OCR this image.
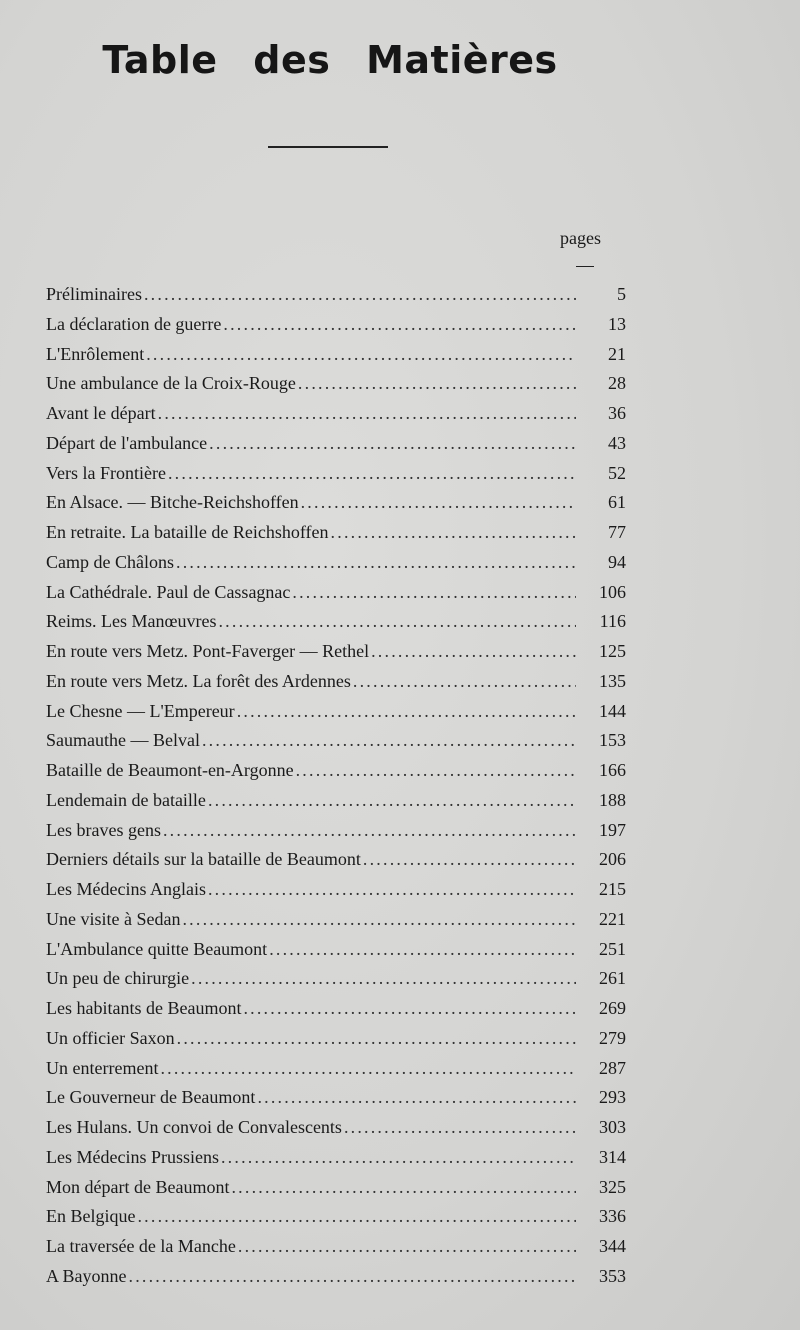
Table des Matières
pages
Préliminaires .....	5
La déclaration de guerre .....	13
L'Enrôlement .....	21
Une ambulance de la Croix-Rouge .....	28
Avant le départ .....	36
Départ de l'ambulance .....	43
Vers la Frontière .....	52
En Alsace. — Bitche-Reichshoffen .....	61
En retraite. La bataille de Reichshoffen .....	77
Camp de Châlons .....	94
La Cathédrale. Paul de Cassagnac .....	106
Reims. Les Manœuvres .....	116
En route vers Metz. Pont-Faverger — Rethel .....	125
En route vers Metz. La forêt des Ardennes .....	135
Le Chesne — L'Empereur .....	144
Saumauthe — Belval .....	153
Bataille de Beaumont-en-Argonne .....	166
Lendemain de bataille .....	188
Les braves gens .....	197
Derniers détails sur la bataille de Beaumont .....	206
Les Médecins Anglais .....	215
Une visite à Sedan .....	221
L'Ambulance quitte Beaumont .....	251
Un peu de chirurgie .....	261
Les habitants de Beaumont .....	269
Un officier Saxon .....	279
Un enterrement .....	287
Le Gouverneur de Beaumont .....	293
Les Hulans. Un convoi de Convalescents .....	303
Les Médecins Prussiens .....	314
Mon départ de Beaumont .....	325
En Belgique .....	336
La traversée de la Manche .....	344
A Bayonne .....	353
